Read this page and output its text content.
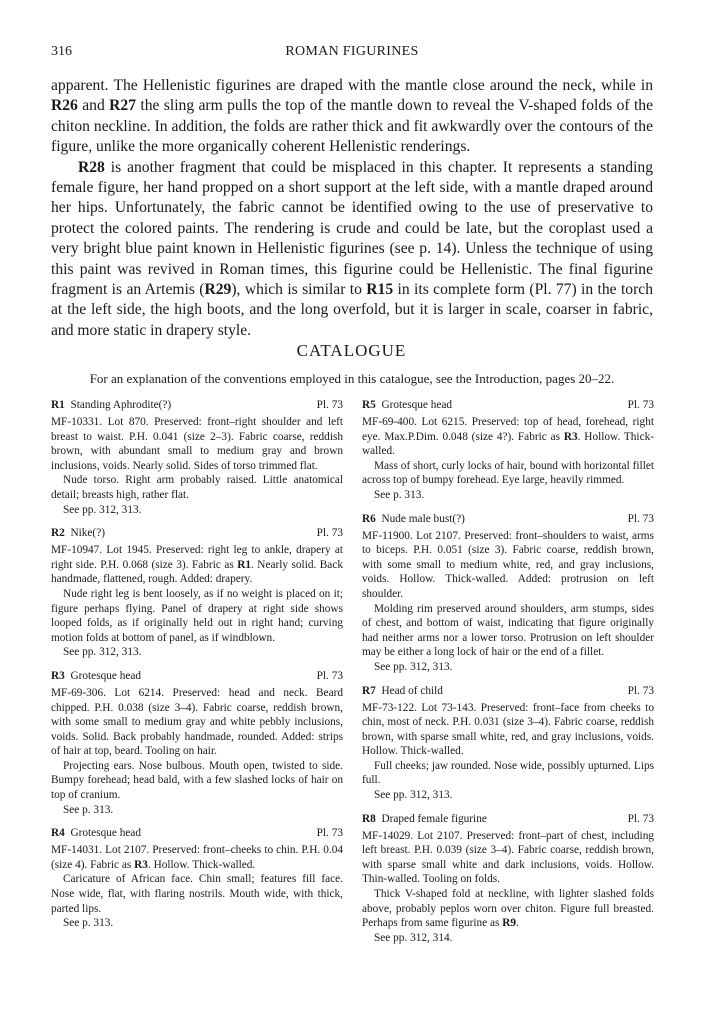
316	ROMAN FIGURINES

apparent. The Hellenistic figurines are draped with the mantle close around the neck, while in R26 and R27 the sling arm pulls the top of the mantle down to reveal the V-shaped folds of the chiton neckline. In addition, the folds are rather thick and fit awkwardly over the contours of the figure, unlike the more organically coherent Hellenistic renderings.

R28 is another fragment that could be misplaced in this chapter. It represents a standing female figure, her hand propped on a short support at the left side, with a mantle draped around her hips. Unfortunately, the fabric cannot be identified owing to the use of preservative to protect the colored paints. The rendering is crude and could be late, but the coroplast used a very bright blue paint known in Hellenistic figurines (see p. 14). Unless the technique of using this paint was revived in Roman times, this figurine could be Hellenistic. The final figurine fragment is an Artemis (R29), which is similar to R15 in its complete form (Pl. 77) in the torch at the left side, the high boots, and the long overfold, but it is larger in scale, coarser in fabric, and more static in drapery style.

CATALOGUE
For an explanation of the conventions employed in this catalogue, see the Introduction, pages 20–22.
R1  Standing Aphrodite(?)	Pl. 73

MF-10331. Lot 870. Preserved: front–right shoulder and left breast to waist. P.H. 0.041 (size 2–3). Fabric coarse, reddish brown, with abundant small to medium gray and brown inclusions, voids. Nearly solid. Sides of torso trimmed flat.

Nude torso. Right arm probably raised. Little anatomical detail; breasts high, rather flat.

See pp. 312, 313.

R2  Nike(?)	Pl. 73

MF-10947. Lot 1945. Preserved: right leg to ankle, drapery at right side. P.H. 0.068 (size 3). Fabric as R1. Nearly solid. Back handmade, flattened, rough. Added: drapery.

Nude right leg is bent loosely, as if no weight is placed on it; figure perhaps flying. Panel of drapery at right side shows looped folds, as if originally held out in right hand; curving motion folds at bottom of panel, as if windblown.

See pp. 312, 313.

R3  Grotesque head	Pl. 73

MF-69-306. Lot 6214. Preserved: head and neck. Beard chipped. P.H. 0.038 (size 3–4). Fabric coarse, reddish brown, with some small to medium gray and white pebbly inclusions, voids. Solid. Back probably handmade, rounded. Added: strips of hair at top, beard. Tooling on hair.

Projecting ears. Nose bulbous. Mouth open, twisted to side. Bumpy forehead; head bald, with a few slashed locks of hair on top of cranium.

See p. 313.

R4  Grotesque head	Pl. 73

MF-14031. Lot 2107. Preserved: front–cheeks to chin. P.H. 0.04 (size 4). Fabric as R3. Hollow. Thick-walled.

Caricature of African face. Chin small; features fill face. Nose wide, flat, with flaring nostrils. Mouth wide, with thick, parted lips.

See p. 313.

R5  Grotesque head	Pl. 73

MF-69-400. Lot 6215. Preserved: top of head, forehead, right eye. Max.P.Dim. 0.048 (size 4?). Fabric as R3. Hollow. Thick-walled.

Mass of short, curly locks of hair, bound with horizontal fillet across top of bumpy forehead. Eye large, heavily rimmed.

See p. 313.

R6  Nude male bust(?)	Pl. 73

MF-11900. Lot 2107. Preserved: front–shoulders to waist, arms to biceps. P.H. 0.051 (size 3). Fabric coarse, reddish brown, with some small to medium white, red, and gray inclusions, voids. Hollow. Thick-walled. Added: protrusion on left shoulder.

Molding rim preserved around shoulders, arm stumps, sides of chest, and bottom of waist, indicating that figure originally had neither arms nor a lower torso. Protrusion on left shoulder may be either a long lock of hair or the end of a fillet.

See pp. 312, 313.

R7  Head of child	Pl. 73

MF-73-122. Lot 73-143. Preserved: front–face from cheeks to chin, most of neck. P.H. 0.031 (size 3–4). Fabric coarse, reddish brown, with sparse small white, red, and gray inclusions, voids. Hollow. Thick-walled.

Full cheeks; jaw rounded. Nose wide, possibly upturned. Lips full.

See pp. 312, 313.

R8  Draped female figurine	Pl. 73

MF-14029. Lot 2107. Preserved: front–part of chest, including left breast. P.H. 0.039 (size 3–4). Fabric coarse, reddish brown, with sparse small white and dark inclusions, voids. Hollow. Thin-walled. Tooling on folds.

Thick V-shaped fold at neckline, with lighter slashed folds above, probably peplos worn over chiton. Figure full breasted. Perhaps from same figurine as R9.

See pp. 312, 314.
